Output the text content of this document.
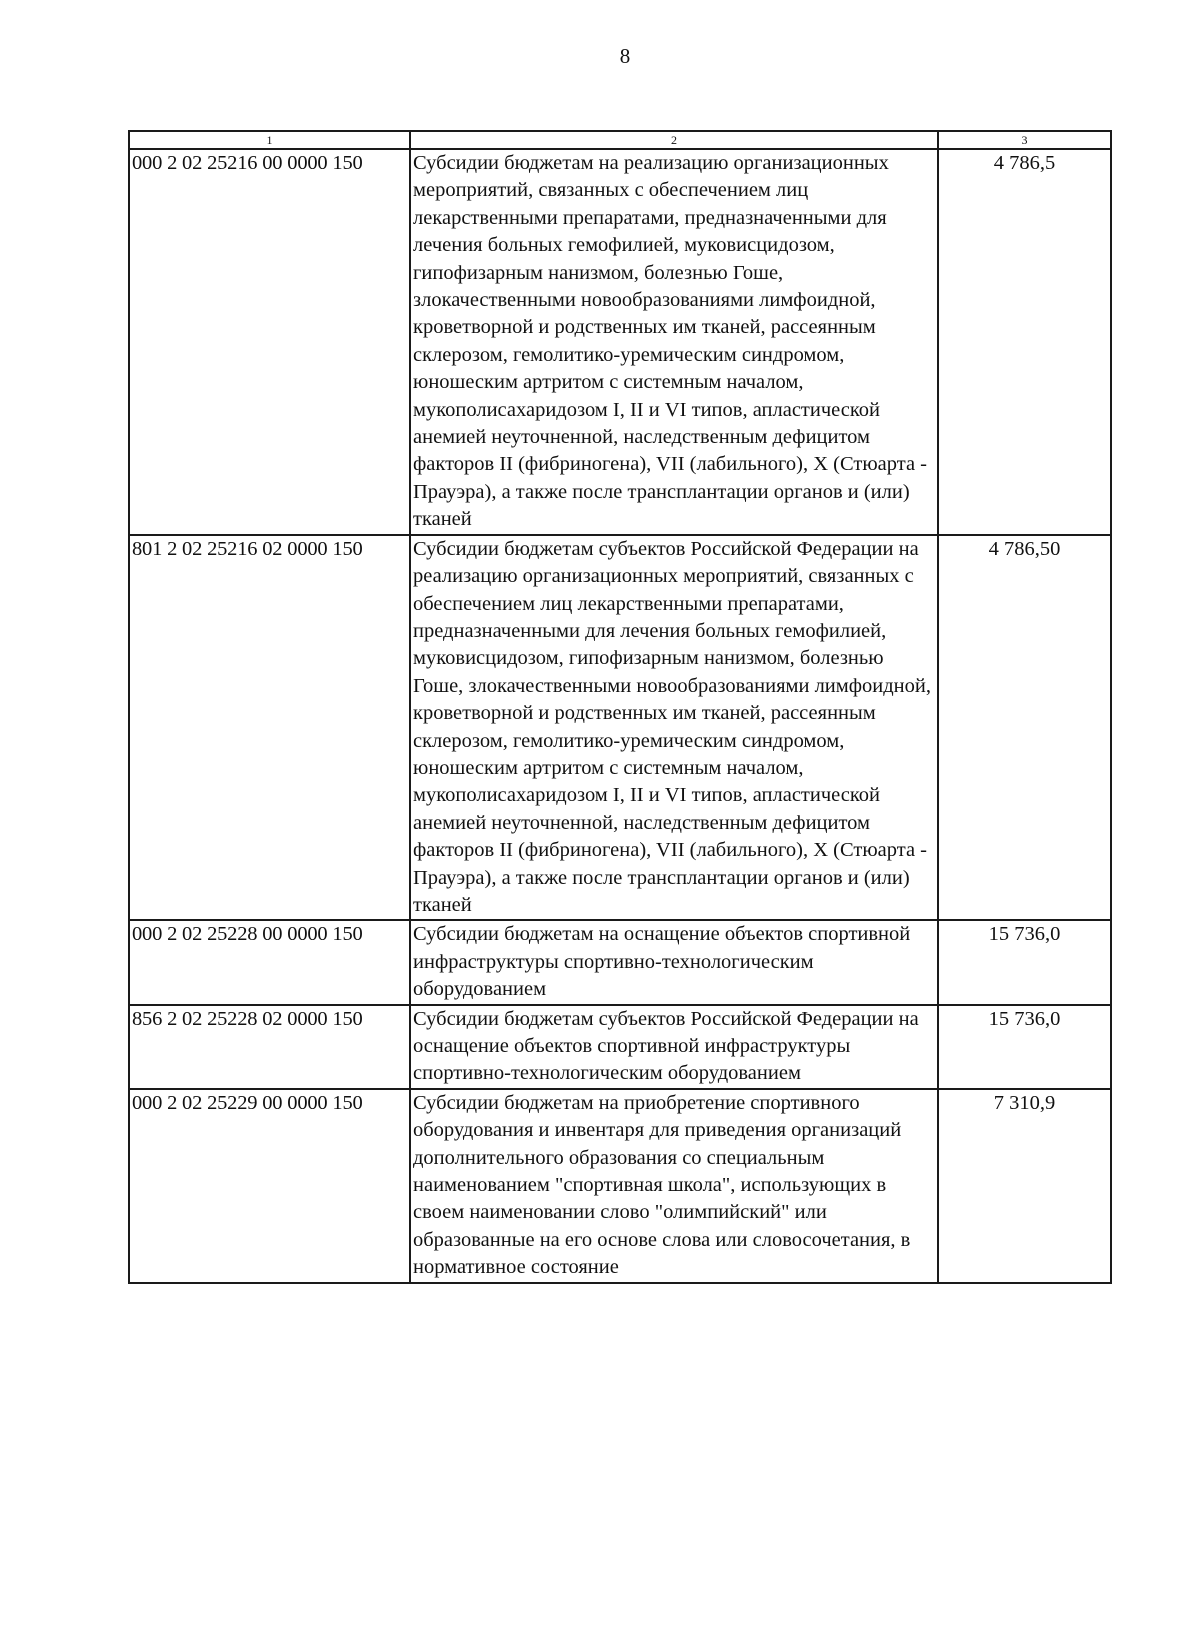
8
1	2	3
000 2 02 25216 00 0000 150	Субсидии бюджетам на реализацию организационных мероприятий, связанных с обеспечением лиц лекарственными препаратами, предназначенными для лечения больных гемофилией, муковисцидозом, гипофизарным нанизмом, болезнью Гоше, злокачественными новообразованиями лимфоидной, кроветворной и родственных им тканей, рассеянным склерозом, гемолитико-уремическим синдромом, юношеским артритом с системным началом, мукополисахаридозом I, II и VI типов, апластической анемией неуточненной, наследственным дефицитом факторов II (фибриногена), VII (лабильного), X (Стюарта - Прауэра), а также после трансплантации органов и (или) тканей	4 786,5
801 2 02 25216 02 0000 150	Субсидии бюджетам субъектов Российской Федерации на реализацию организационных мероприятий, связанных с обеспечением лиц лекарственными препаратами, предназначенными для лечения больных гемофилией, муковисцидозом, гипофизарным нанизмом, болезнью Гоше, злокачественными новообразованиями лимфоидной, кроветворной и родственных им тканей, рассеянным склерозом, гемолитико-уремическим синдромом, юношеским артритом с системным началом, мукополисахаридозом I, II и VI типов, апластической анемией неуточненной, наследственным дефицитом факторов II (фибриногена), VII (лабильного), X (Стюарта - Прауэра), а также после трансплантации органов и (или) тканей	4 786,50
000 2 02 25228 00 0000 150	Субсидии бюджетам на оснащение объектов спортивной инфраструктуры спортивно-технологическим оборудованием	15 736,0
856 2 02 25228 02 0000 150	Субсидии бюджетам субъектов Российской Федерации на оснащение объектов спортивной инфраструктуры спортивно-технологическим оборудованием	15 736,0
000 2 02 25229 00 0000 150	Субсидии бюджетам на приобретение спортивного оборудования и инвентаря для приведения организаций дополнительного образования со специальным наименованием "спортивная школа", использующих в своем наименовании слово "олимпийский" или образованные на его основе слова или словосочетания, в нормативное состояние	7 310,9
